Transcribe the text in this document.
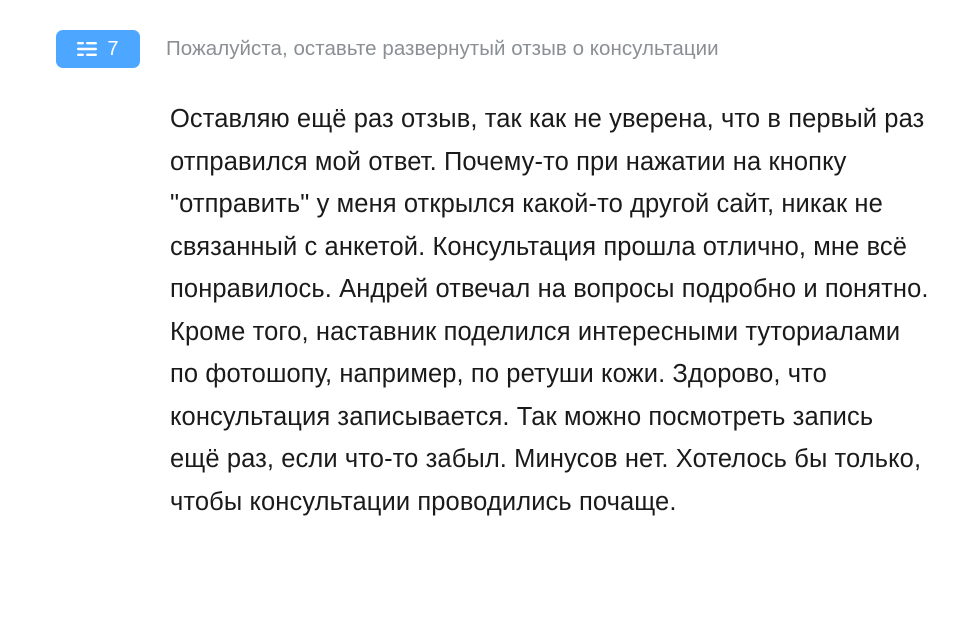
7 Пожалуйста, оставьте развернутый отзыв о консультации
Оставляю ещё раз отзыв, так как не уверена, что в первый раз отправился мой ответ. Почему-то при нажатии на кнопку "отправить" у меня открылся какой-то другой сайт, никак не связанный с анкетой. Консультация прошла отлично, мне всё понравилось. Андрей отвечал на вопросы подробно и понятно. Кроме того, наставник поделился интересными туториалами по фотошопу, например, по ретуши кожи. Здорово, что консультация записывается. Так можно посмотреть запись ещё раз, если что-то забыл. Минусов нет. Хотелось бы только, чтобы консультации проводились почаще.
